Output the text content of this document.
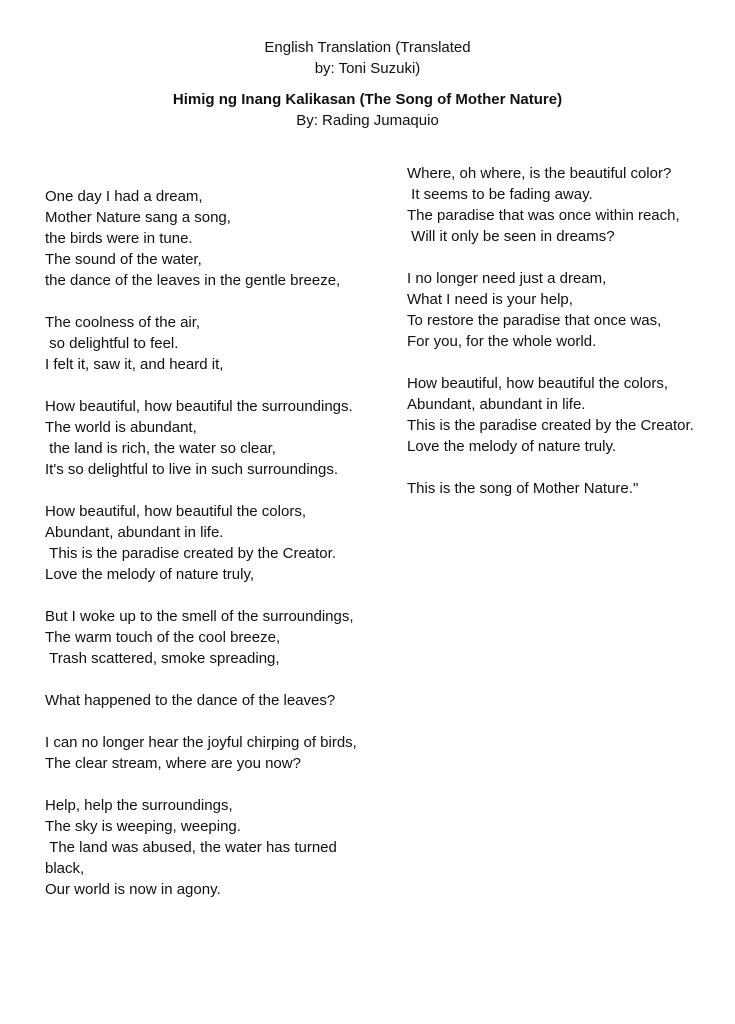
English Translation (Translated
by: Toni Suzuki)
Himig ng Inang Kalikasan (The Song of Mother Nature)
By: Rading Jumaquio
One day I had a dream,
Mother Nature sang a song,
the birds were in tune.
The sound of the water,
the dance of the leaves in the gentle breeze,
The coolness of the air,
so delightful to feel.
I felt it, saw it, and heard it,
How beautiful, how beautiful the surroundings.
The world is abundant,
the land is rich, the water so clear,
It's so delightful to live in such surroundings.
How beautiful, how beautiful the colors,
Abundant, abundant in life.
This is the paradise created by the Creator.
Love the melody of nature truly,
But I woke up to the smell of the surroundings,
The warm touch of the cool breeze,
Trash scattered, smoke spreading,
What happened to the dance of the leaves?
I can no longer hear the joyful chirping of birds,
The clear stream, where are you now?
Help, help the surroundings,
The sky is weeping, weeping.
The land was abused, the water has turned black,
Our world is now in agony.
Where, oh where, is the beautiful color?
It seems to be fading away.
The paradise that was once within reach,
Will it only be seen in dreams?
I no longer need just a dream,
What I need is your help,
To restore the paradise that once was,
For you, for the whole world.
How beautiful, how beautiful the colors,
Abundant, abundant in life.
This is the paradise created by the Creator.
Love the melody of nature truly.
This is the song of Mother Nature."
